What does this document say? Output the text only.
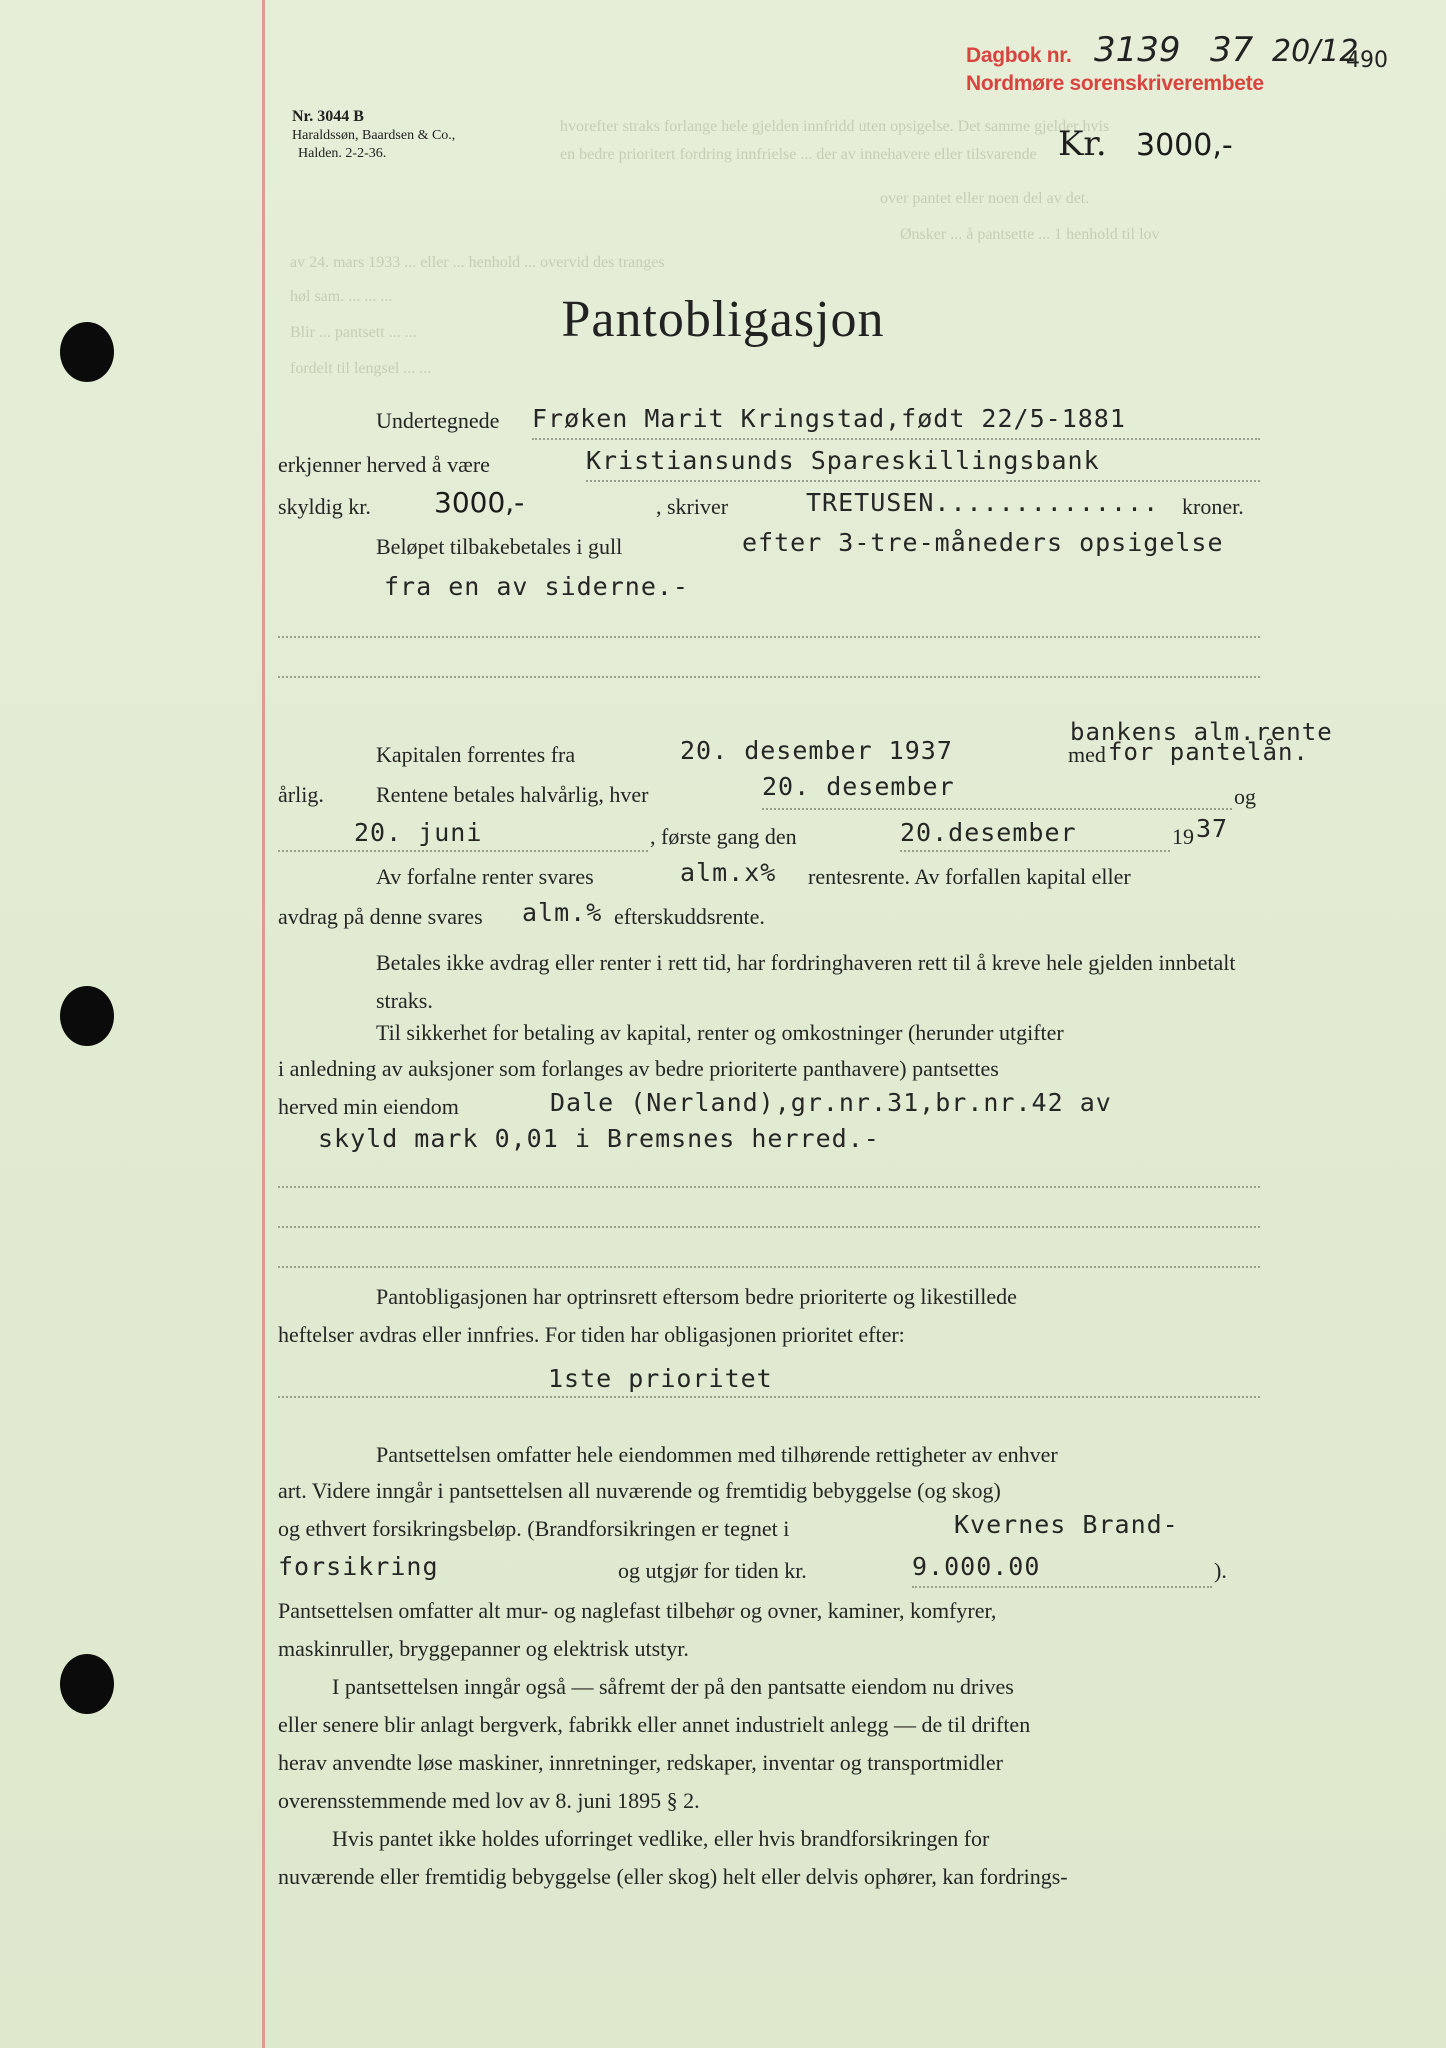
hvorefter straks forlange hele gjelden innfridd uten opsigelse. Det samme gjelder hvis
en bedre prioritert fordring innfrielse ... der av innehavere eller tilsvarende
over pantet eller noen del av det.
Ønsker ... å pantsette ... 1 henhold til lov
av 24. mars 1933 ... eller ... henhold ... overvid des tranges
høl sam. ... ... ...
Blir ... pantsett ... ...
fordelt til lengsel ... ...
Dagbok nr. 3139 37 20/12
490
Nordmøre sorenskriverembete
Nr. 3044 B
Haraldssøn, Baardsen & Co.,
Halden. 2-2-36.	Kr. 3000,-
Pantobligasjon
Undertegnede Frøken Marit Kringstad,født 22/5-1881
erkjenner herved å være	Kristiansunds Spareskillingsbank
skyldig kr. 3000,-	, skriver	TRETUSEN.............. kroner.
Beløpet tilbakebetales i gull	efter 3-tre-måneders opsigelse
fra en av siderne.-
bankens alm.rente
Kapitalen forrentes fra	20. desember 1937	med for pantelån.
årlig. Rentene betales halvårlig, hver	20. desember	og
20. juni	, første gang den	20.desember	19 37
Av forfalne renter svares	alm.x% rentesrente. Av forfallen kapital eller
avdrag på denne svares alm.% efterskuddsrente.
Betales ikke avdrag eller renter i rett tid, har fordringhaveren rett til å kreve hele gjelden innbetalt straks.
Til sikkerhet for betaling av kapital, renter og omkostninger (herunder utgifter
i anledning av auksjoner som forlanges av bedre prioriterte panthavere) pantsettes
herved min eiendom	Dale (Nerland),gr.nr.31,br.nr.42 av
skyld mark 0,01 i Bremsnes herred.-
Pantobligasjonen har optrinsrett eftersom bedre prioriterte og likestillede
heftelser avdras eller innfries. For tiden har obligasjonen prioritet efter:
1ste prioritet
Pantsettelsen omfatter hele eiendommen med tilhørende rettigheter av enhver
art. Videre inngår i pantsettelsen all nuværende og fremtidig bebyggelse (og skog)
og ethvert forsikringsbeløp. (Brandforsikringen er tegnet i	Kvernes Brand-
forsikring	og utgjør for tiden kr.	9.000.00	).
Pantsettelsen omfatter alt mur- og naglefast tilbehør og ovner, kaminer, komfyrer,
maskinruller, bryggepanner og elektrisk utstyr.
I pantsettelsen inngår også — såfremt der på den pantsatte eiendom nu drives
eller senere blir anlagt bergverk, fabrikk eller annet industrielt anlegg — de til driften
herav anvendte løse maskiner, innretninger, redskaper, inventar og transportmidler
overensstemmende med lov av 8. juni 1895 § 2.
Hvis pantet ikke holdes uforringet vedlike, eller hvis brandforsikringen for
nuværende eller fremtidig bebyggelse (eller skog) helt eller delvis ophører, kan fordrings-
